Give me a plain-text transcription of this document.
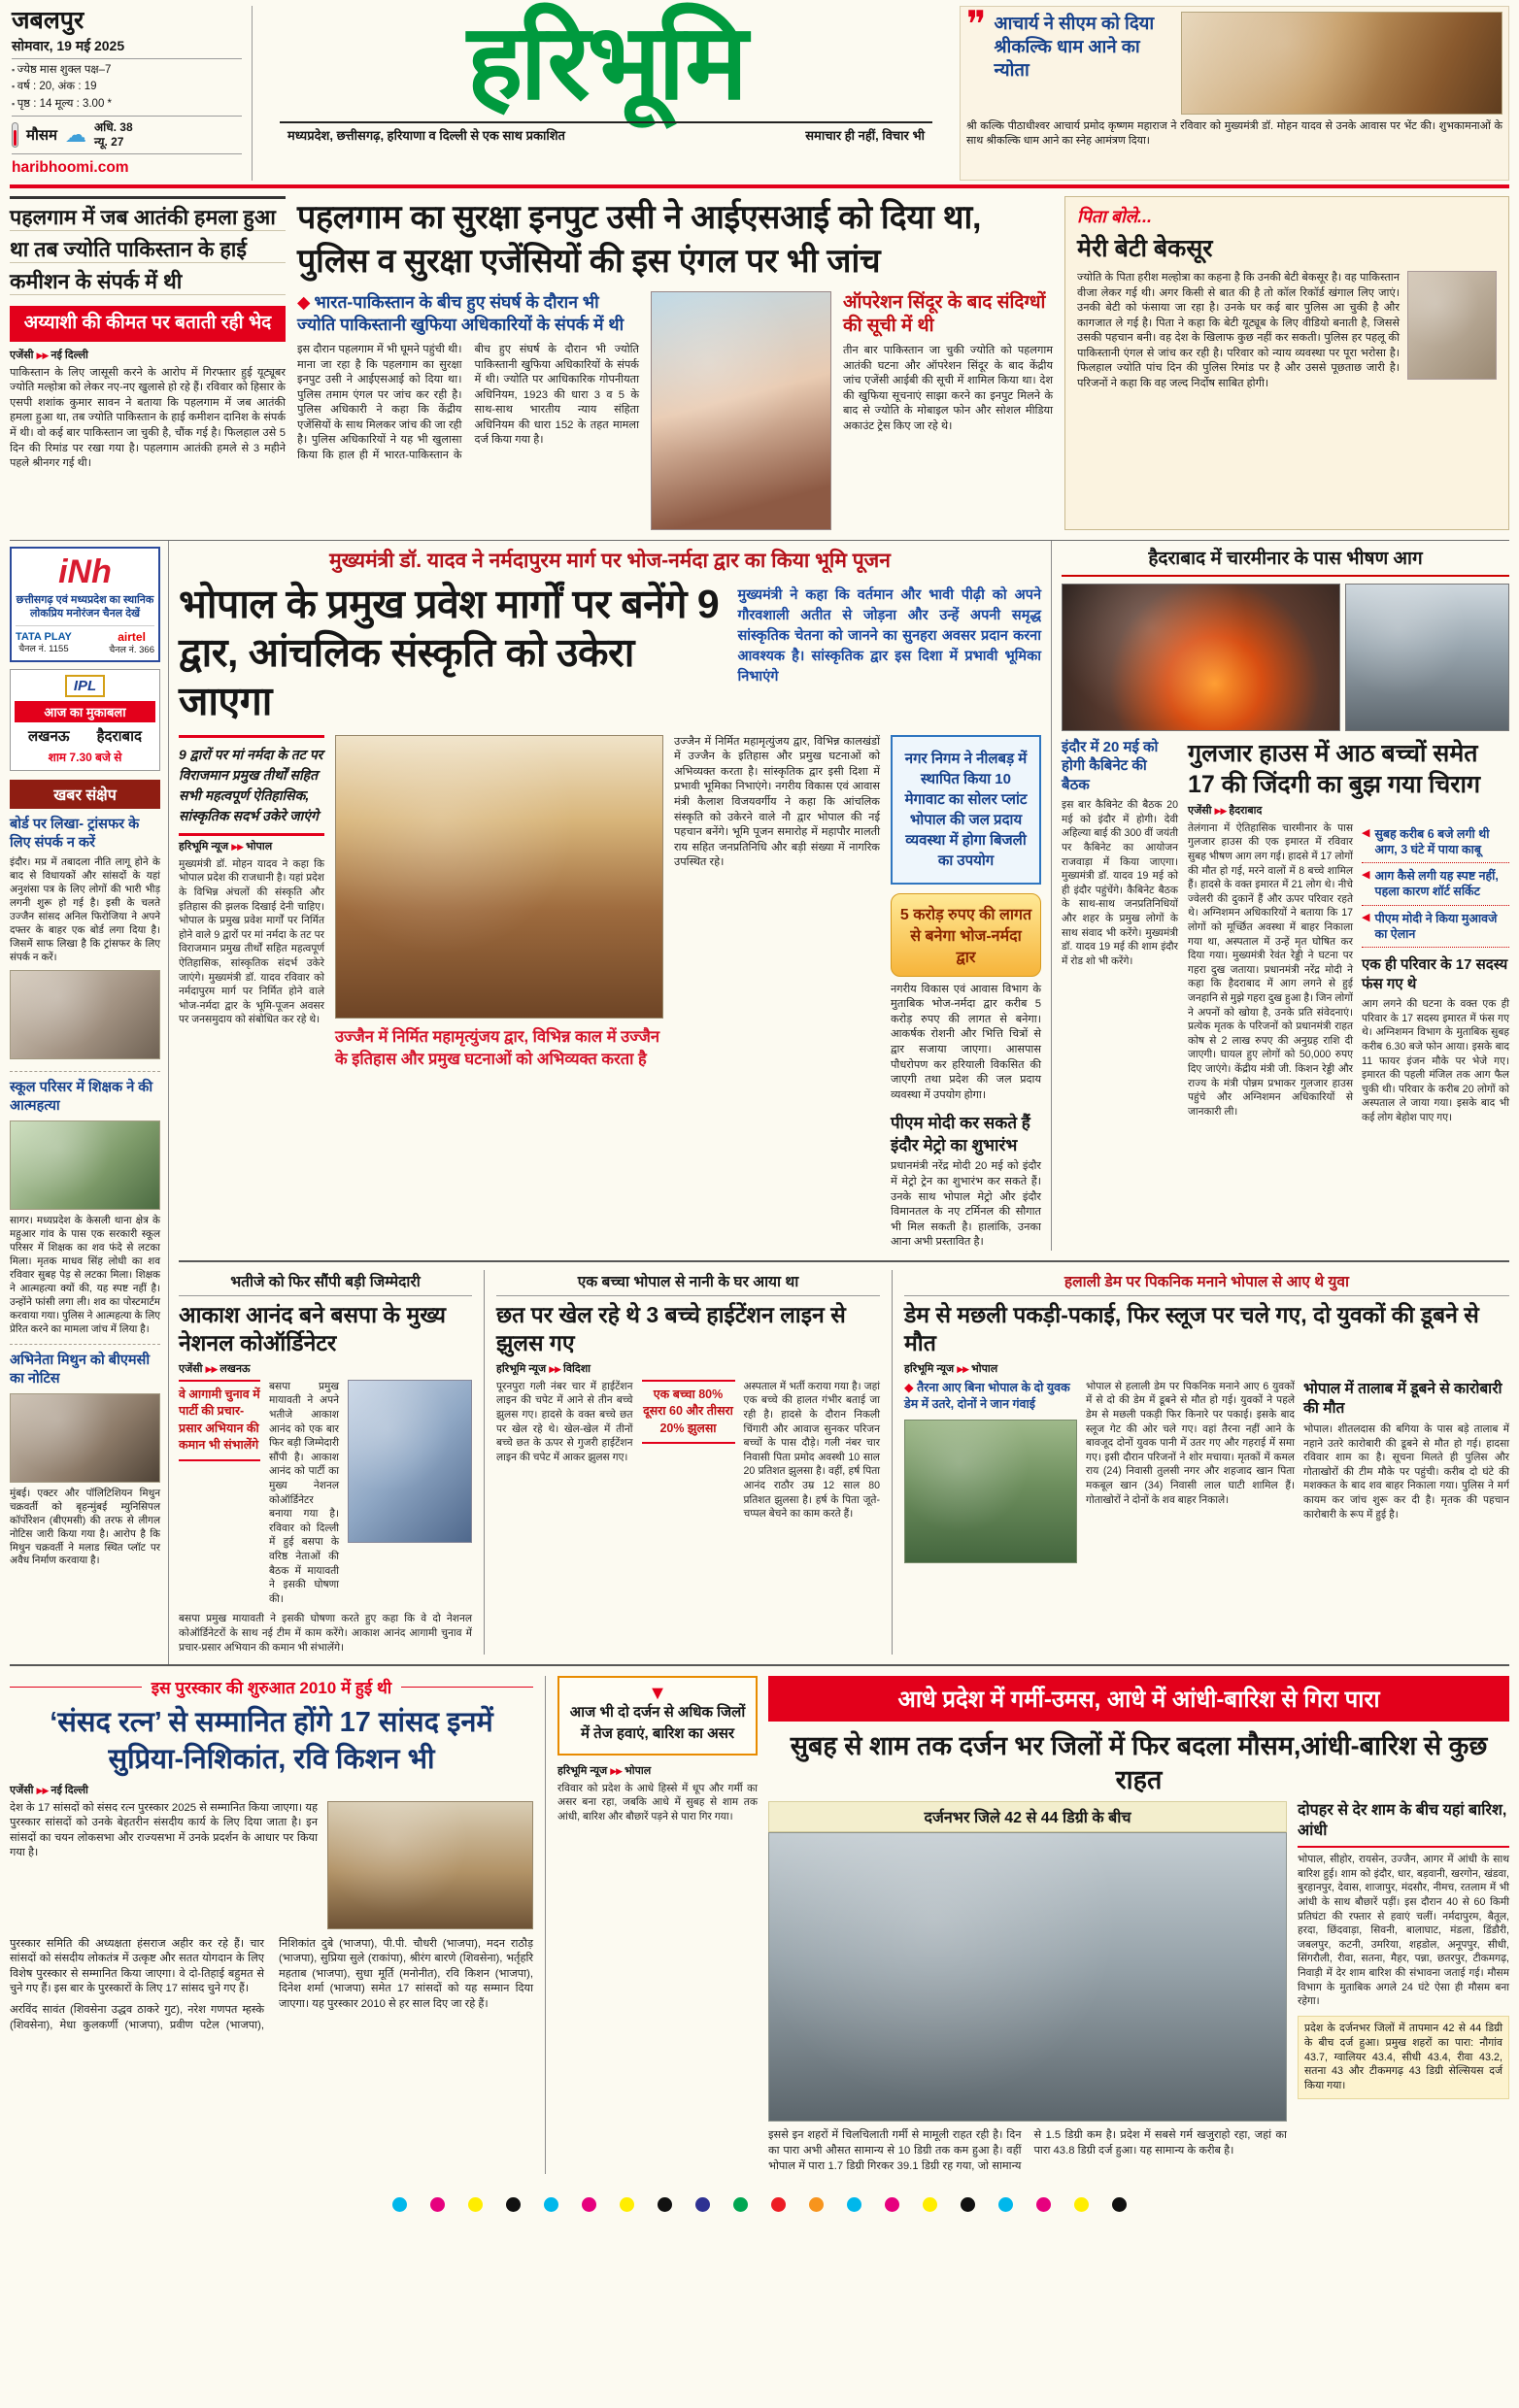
जबलपुर
सोमवार, 19 मई 2025
▪ ज्येष्ठ मास शुक्ल पक्ष–7
▪ वर्ष : 20, अंक : 19
▪ पृष्ठ : 14 मूल्य : 3.00 *
मौसम ☁ अधि. 38
न्यू. 27
haribhoomi.com
हरिभूमि
मध्यप्रदेश, छत्तीसगढ़, हरियाणा व दिल्ली से एक साथ प्रकाशित	समाचार ही नहीं, विचार भी
❞ आचार्य ने सीएम को दिया श्रीकल्कि धाम आने का न्योता
श्री कल्कि पीठाधीश्वर आचार्य प्रमोद कृष्णम महाराज ने रविवार को मुख्यमंत्री डॉ. मोहन यादव से उनके आवास पर भेंट की। शुभकामनाओं के साथ श्रीकल्कि धाम आने का स्नेह आमंत्रण दिया।
पहलगाम में जब आतंकी हमला हुआ था तब ज्योति पाकिस्तान के हाई कमीशन के संपर्क में थी
अय्याशी की कीमत पर बताती रही भेद
एजेंसी ▶▶ नई दिल्ली
पाकिस्तान के लिए जासूसी करने के आरोप में गिरफ्तार हुई यूट्यूबर ज्योति मल्होत्रा को लेकर नए-नए खुलासे हो रहे हैं। रविवार को हिसार के एसपी शशांक कुमार सावन ने बताया कि पहलगाम में जब आतंकी हमला हुआ था, तब ज्योति पाकिस्तान के हाई कमीशन दानिश के संपर्क में थी। वो कई बार पाकिस्तान जा चुकी है, चौंक गई है। फिलहाल उसे 5 दिन की रिमांड पर रखा गया है। पहलगाम आतंकी हमले से 3 महीने पहले श्रीनगर गई थी।
पहलगाम का सुरक्षा इनपुट उसी ने आईएसआई को दिया था, पुलिस व सुरक्षा एजेंसियों की इस एंगल पर भी जांच
◆ भारत-पाकिस्तान के बीच हुए संघर्ष के दौरान भी ज्योति पाकिस्तानी खुफिया अधिकारियों के संपर्क में थी
इस दौरान पहलगाम में भी घूमने पहुंची थी। माना जा रहा है कि पहलगाम का सुरक्षा इनपुट उसी ने आईएसआई को दिया था। पुलिस तमाम एंगल पर जांच कर रही है। पुलिस अधिकारी ने कहा कि केंद्रीय एजेंसियों के साथ मिलकर जांच की जा रही है। पुलिस अधिकारियों ने यह भी खुलासा किया कि हाल ही में भारत-पाकिस्तान के बीच हुए संघर्ष के दौरान भी ज्योति पाकिस्तानी खुफिया अधिकारियों के संपर्क में थी। ज्योति पर आधिकारिक गोपनीयता अधिनियम, 1923 की धारा 3 व 5 के साथ-साथ भारतीय न्याय संहिता अधिनियम की धारा 152 के तहत मामला दर्ज किया गया है।
ऑपरेशन सिंदूर के बाद संदिग्धों की सूची में थी
तीन बार पाकिस्तान जा चुकी ज्योति को पहलगाम आतंकी घटना और ऑपरेशन सिंदूर के बाद केंद्रीय जांच एजेंसी आईबी की सूची में शामिल किया था। देश की खुफिया सूचनाएं साझा करने का इनपुट मिलने के बाद से ज्योति के मोबाइल फोन और सोशल मीडिया अकाउंट ट्रेस किए जा रहे थे।
पिता बोले...
मेरी बेटी बेकसूर
ज्योति के पिता हरीश मल्होत्रा का कहना है कि उनकी बेटी बेकसूर है। वह पाकिस्तान वीजा लेकर गई थी। अगर किसी से बात की है तो कॉल रिकॉर्ड खंगाल लिए जाएं। उनकी बेटी को फंसाया जा रहा है। उनके घर कई बार पुलिस आ चुकी है और कागजात ले गई है। पिता ने कहा कि बेटी यूट्यूब के लिए वीडियो बनाती है, जिससे उसकी पहचान बनी। वह देश के खिलाफ कुछ नहीं कर सकती। पुलिस हर पहलू की पाकिस्तानी एंगल से जांच कर रही है। परिवार को न्याय व्यवस्था पर पूरा भरोसा है। फिलहाल ज्योति पांच दिन की पुलिस रिमांड पर है और उससे पूछताछ जारी है। परिजनों ने कहा कि वह जल्द निर्दोष साबित होगी।
iNh
छत्तीसगढ़ एवं मध्यप्रदेश का स्थानिक लोकप्रिय मनोरंजन चैनल देखें
TATA PLAY
चैनल नं. 1155
airtel
चैनल नं. 366
IPL
आज का मुकाबला
लखनऊ हैदराबाद
शाम 7.30 बजे से
खबर संक्षेप
बोर्ड पर लिखा- ट्रांसफर के लिए संपर्क न करें
इंदौर। मप्र में तबादला नीति लागू होने के बाद से विधायकों और सांसदों के यहां अनुशंसा पत्र के लिए लोगों की भारी भीड़ लगनी शुरू हो गई है। इसी के चलते उज्जैन सांसद अनिल फिरोजिया ने अपने दफ्तर के बाहर एक बोर्ड लगा दिया है। जिसमें साफ लिखा है कि ट्रांसफर के लिए संपर्क न करें।
स्कूल परिसर में शिक्षक ने की आत्महत्या
सागर। मध्यप्रदेश के केसली थाना क्षेत्र के महुआर गांव के पास एक सरकारी स्कूल परिसर में शिक्षक का शव फंदे से लटका मिला। मृतक माधव सिंह लोधी का शव रविवार सुबह पेड़ से लटका मिला। शिक्षक ने आत्महत्या क्यों की, यह स्पष्ट नहीं है। उन्होंने फांसी लगा ली। शव का पोस्टमार्टम करवाया गया। पुलिस ने आत्महत्या के लिए प्रेरित करने का मामला जांच में लिया है।
अभिनेता मिथुन को बीएमसी का नोटिस
मुंबई। एक्टर और पॉलिटिशियन मिथुन चक्रवर्ती को बृहन्मुंबई म्युनिसिपल कॉर्पोरेशन (बीएमसी) की तरफ से लीगल नोटिस जारी किया गया है। आरोप है कि मिथुन चक्रवर्ती ने मलाड स्थित प्लॉट पर अवैध निर्माण करवाया है।
मुख्यमंत्री डॉ. यादव ने नर्मदापुरम मार्ग पर भोज-नर्मदा द्वार का किया भूमि पूजन
भोपाल के प्रमुख प्रवेश मार्गों पर बनेंगे 9 द्वार, आंचलिक संस्कृति को उकेरा जाएगा
मुख्यमंत्री ने कहा कि वर्तमान और भावी पीढ़ी को अपने गौरवशाली अतीत से जोड़ना और उन्हें अपनी समृद्ध सांस्कृतिक चेतना को जानने का सुनहरा अवसर प्रदान करना आवश्यक है। सांस्कृतिक द्वार इस दिशा में प्रभावी भूमिका निभाएंगे
9 द्वारों पर मां नर्मदा के तट पर विराजमान प्रमुख तीर्थों सहित सभी महत्वपूर्ण ऐतिहासिक, सांस्कृतिक सदर्भ उकेरे जाएंगे
हरिभूमि न्यूज ▶▶ भोपाल
मुख्यमंत्री डॉ. मोहन यादव ने कहा कि भोपाल प्रदेश की राजधानी है। यहां प्रदेश के विभिन्न अंचलों की संस्कृति और इतिहास की झलक दिखाई देनी चाहिए। भोपाल के प्रमुख प्रवेश मार्गों पर निर्मित होने वाले 9 द्वारों पर मां नर्मदा के तट पर विराजमान प्रमुख तीर्थों सहित महत्वपूर्ण ऐतिहासिक, सांस्कृतिक संदर्भ उकेरे जाएंगे। मुख्यमंत्री डॉ. यादव रविवार को नर्मदापुरम मार्ग पर निर्मित होने वाले भोज-नर्मदा द्वार के भूमि-पूजन अवसर पर जनसमुदाय को संबोधित कर रहे थे।
उज्जैन में निर्मित महामृत्युंजय द्वार, विभिन्न काल में उज्जैन के इतिहास और प्रमुख घटनाओं को अभिव्यक्त करता है
उज्जैन में निर्मित महामृत्युंजय द्वार, विभिन्न कालखंडों में उज्जैन के इतिहास और प्रमुख घटनाओं को अभिव्यक्त करता है। सांस्कृतिक द्वार इसी दिशा में प्रभावी भूमिका निभाएंगे। नगरीय विकास एवं आवास मंत्री कैलाश विजयवर्गीय ने कहा कि आंचलिक संस्कृति को उकेरने वाले नौ द्वार भोपाल की नई पहचान बनेंगे। भूमि पूजन समारोह में महापौर मालती राय सहित जनप्रतिनिधि और बड़ी संख्या में नागरिक उपस्थित रहे।
नगर निगम ने नीलबड़ में स्थापित किया 10 मेगावाट का सोलर प्लांट भोपाल की जल प्रदाय व्यवस्था में होगा बिजली का उपयोग
5 करोड़ रुपए की लागत से बनेगा भोज-नर्मदा द्वार
नगरीय विकास एवं आवास विभाग के मुताबिक भोज-नर्मदा द्वार करीब 5 करोड़ रुपए की लागत से बनेगा। आकर्षक रोशनी और भित्ति चित्रों से द्वार सजाया जाएगा। आसपास पौधरोपण कर हरियाली विकसित की जाएगी तथा प्रदेश की जल प्रदाय व्यवस्था में उपयोग होगा।
पीएम मोदी कर सकते हैं इंदौर मेट्रो का शुभारंभ
प्रधानमंत्री नरेंद्र मोदी 20 मई को इंदौर में मेट्रो ट्रेन का शुभारंभ कर सकते हैं। उनके साथ भोपाल मेट्रो और इंदौर विमानतल के नए टर्मिनल की सौगात भी मिल सकती है। हालांकि, उनका आना अभी प्रस्तावित है।
हैदराबाद में चारमीनार के पास भीषण आग
इंदौर में 20 मई को होगी कैबिनेट की बैठक
इस बार कैबिनेट की बैठक 20 मई को इंदौर में होगी। देवी अहिल्या बाई की 300 वीं जयंती पर कैबिनेट का आयोजन राजवाड़ा में किया जाएगा। मुख्यमंत्री डॉ. यादव 19 मई को ही इंदौर पहुंचेंगे। कैबिनेट बैठक के साथ-साथ जनप्रतिनिधियों और शहर के प्रमुख लोगों के साथ संवाद भी करेंगे। मुख्यमंत्री डॉ. यादव 19 मई की शाम इंदौर में रोड शो भी करेंगे।
गुलजार हाउस में आठ बच्चों समेत 17 की जिंदगी का बुझ गया चिराग
एजेंसी ▶▶ हैदराबाद
तेलंगाना में ऐतिहासिक चारमीनार के पास गुलजार हाउस की एक इमारत में रविवार सुबह भीषण आग लग गई। हादसे में 17 लोगों की मौत हो गई, मरने वालों में 8 बच्चे शामिल हैं। हादसे के वक्त इमारत में 21 लोग थे। नीचे ज्वेलरी की दुकानें हैं और ऊपर परिवार रहते थे। अग्निशमन अधिकारियों ने बताया कि 17 लोगों को मूर्च्छित अवस्था में बाहर निकाला गया था, अस्पताल में उन्हें मृत घोषित कर दिया गया। मुख्यमंत्री रेवंत रेड्डी ने घटना पर गहरा दुख जताया। प्रधानमंत्री नरेंद्र मोदी ने कहा कि हैदराबाद में आग लगने से हुई जनहानि से मुझे गहरा दुख हुआ है। जिन लोगों ने अपनों को खोया है, उनके प्रति संवेदनाएं। प्रत्येक मृतक के परिजनों को प्रधानमंत्री राहत कोष से 2 लाख रुपए की अनुग्रह राशि दी जाएगी। घायल हुए लोगों को 50,000 रुपए दिए जाएंगे। केंद्रीय मंत्री जी. किशन रेड्डी और राज्य के मंत्री पोन्नम प्रभाकर गुलजार हाउस पहुंचे और अग्निशमन अधिकारियों से जानकारी ली।
◀ सुबह करीब 6 बजे लगी थी आग, 3 घंटे में पाया काबू
◀ आग कैसे लगी यह स्पष्ट नहीं, पहला कारण शॉर्ट सर्किट
◀ पीएम मोदी ने किया मुआवजे का ऐलान
एक ही परिवार के 17 सदस्य फंस गए थे
आग लगने की घटना के वक्त एक ही परिवार के 17 सदस्य इमारत में फंस गए थे। अग्निशमन विभाग के मुताबिक सुबह करीब 6.30 बजे फोन आया। इसके बाद 11 फायर इंजन मौके पर भेजे गए। इमारत की पहली मंजिल तक आग फैल चुकी थी। परिवार के करीब 20 लोगों को अस्पताल ले जाया गया। इसके बाद भी कई लोग बेहोश पाए गए।
भतीजे को फिर सौंपी बड़ी जिम्मेदारी
आकाश आनंद बने बसपा के मुख्य नेशनल कोऑर्डिनेटर
एजेंसी ▶▶ लखनऊ
वे आगामी चुनाव में पार्टी की प्रचार-प्रसार अभियान की कमान भी संभालेंगे
बसपा प्रमुख मायावती ने अपने भतीजे आकाश आनंद को एक बार फिर बड़ी जिम्मेदारी सौंपी है। आकाश आनंद को पार्टी का मुख्य नेशनल कोऑर्डिनेटर बनाया गया है। रविवार को दिल्ली में हुई बसपा के वरिष्ठ नेताओं की बैठक में मायावती ने इसकी घोषणा की।
बसपा प्रमुख मायावती ने इसकी घोषणा करते हुए कहा कि वे दो नेशनल कोऑर्डिनेटरों के साथ नई टीम में काम करेंगे। आकाश आनंद आगामी चुनाव में प्रचार-प्रसार अभियान की कमान भी संभालेंगे।
एक बच्चा भोपाल से नानी के घर आया था
छत पर खेल रहे थे 3 बच्चे हाईटेंशन लाइन से झुलस गए
हरिभूमि न्यूज ▶▶ विदिशा
पूरनपुरा गली नंबर चार में हाईटेंशन लाइन की चपेट में आने से तीन बच्चे झुलस गए। हादसे के वक्त बच्चे छत पर खेल रहे थे। खेल-खेल में तीनों बच्चे छत के ऊपर से गुजरी हाईटेंशन लाइन की चपेट में आकर झुलस गए।
एक बच्चा 80% दूसरा 60 और तीसरा 20% झुलसा
अस्पताल में भर्ती कराया गया है। जहां एक बच्चे की हालत गंभीर बताई जा रही है। हादसे के दौरान निकली चिंगारी और आवाज सुनकर परिजन बच्चों के पास दौड़े। गली नंबर चार निवासी पिता प्रमोद अवस्थी 10 साल 20 प्रतिशत झुलसा है। वहीं, हर्ष पिता आनंद राठौर उम्र 12 साल 80 प्रतिशत झुलसा है। हर्ष के पिता जूते-चप्पल बेचने का काम करते हैं।
हलाली डेम पर पिकनिक मनाने भोपाल से आए थे युवा
डेम से मछली पकड़ी-पकाई, फिर स्लूज पर चले गए, दो युवकों की डूबने से मौत
हरिभूमि न्यूज ▶▶ भोपाल
◆ तैरना आए बिना भोपाल के दो युवक डेम में उतरे, दोनों ने जान गंवाई
भोपाल से हलाली डेम पर पिकनिक मनाने आए 6 युवकों में से दो की डेम में डूबने से मौत हो गई। युवकों ने पहले डेम से मछली पकड़ी फिर किनारे पर पकाई। इसके बाद स्लूज गेट की ओर चले गए। वहां तैरना नहीं आने के बावजूद दोनों युवक पानी में उतर गए और गहराई में समा गए। इसी दौरान परिजनों ने शोर मचाया। मृतकों में कमल राय (24) निवासी तुलसी नगर और शहजाद खान पिता मकबूल खान (34) निवासी लाल घाटी शामिल हैं। गोताखोरों ने दोनों के शव बाहर निकाले।
भोपाल में तालाब में डूबने से कारोबारी की मौत
भोपाल। शीतलदास की बगिया के पास बड़े तालाब में नहाने उतरे कारोबारी की डूबने से मौत हो गई। हादसा रविवार शाम का है। सूचना मिलते ही पुलिस और गोताखोरों की टीम मौके पर पहुंची। करीब दो घंटे की मशक्कत के बाद शव बाहर निकाला गया। पुलिस ने मर्ग कायम कर जांच शुरू कर दी है। मृतक की पहचान कारोबारी के रूप में हुई है।
इस पुरस्कार की शुरुआत 2010 में हुई थी
‘संसद रत्न’ से सम्मानित होंगे 17 सांसद इनमें सुप्रिया-निशिकांत, रवि किशन भी
एजेंसी ▶▶ नई दिल्ली
देश के 17 सांसदों को संसद रत्न पुरस्कार 2025 से सम्मानित किया जाएगा। यह पुरस्कार सांसदों को उनके बेहतरीन संसदीय कार्य के लिए दिया जाता है। इन सांसदों का चयन लोकसभा और राज्यसभा में उनके प्रदर्शन के आधार पर किया गया है।

पुरस्कार समिति की अध्यक्षता हंसराज अहीर कर रहे हैं। चार सांसदों को संसदीय लोकतंत्र में उत्कृष्ट और सतत योगदान के लिए विशेष पुरस्कार से सम्मानित किया जाएगा। वे दो-तिहाई बहुमत से चुने गए हैं। इस बार के पुरस्कारों के लिए 17 सांसद चुने गए हैं।

अरविंद सावंत (शिवसेना उद्धव ठाकरे गुट), नरेश गणपत म्हस्के (शिवसेना), मेधा कुलकर्णी (भाजपा), प्रवीण पटेल (भाजपा), निशिकांत दुबे (भाजपा), पी.पी. चौधरी (भाजपा), मदन राठौड़ (भाजपा), सुप्रिया सुले (राकांपा), श्रीरंग बारणे (शिवसेना), भर्तृहरि महताब (भाजपा), सुधा मूर्ति (मनोनीत), रवि किशन (भाजपा), दिनेश शर्मा (भाजपा) समेत 17 सांसदों को यह सम्मान दिया जाएगा। यह पुरस्कार 2010 से हर साल दिए जा रहे हैं।

▼
आज भी दो दर्जन से अधिक जिलों में तेज हवाएं, बारिश का असर
हरिभूमि न्यूज ▶▶ भोपाल
रविवार को प्रदेश के आधे हिस्से में धूप और गर्मी का असर बना रहा, जबकि आधे में सुबह से शाम तक आंधी, बारिश और बौछारें पड़ने से पारा गिर गया।
आधे प्रदेश में गर्मी-उमस, आधे में आंधी-बारिश से गिरा पारा
सुबह से शाम तक दर्जन भर जिलों में फिर बदला मौसम,आंधी-बारिश से कुछ राहत
दर्जनभर जिले 42 से 44 डिग्री के बीच
इससे इन शहरों में चिलचिलाती गर्मी से मामूली राहत रही है। दिन का पारा अभी औसत सामान्य से 10 डिग्री तक कम हुआ है। वहीं भोपाल में पारा 1.7 डिग्री गिरकर 39.1 डिग्री रह गया, जो सामान्य से 1.5 डिग्री कम है। प्रदेश में सबसे गर्म खजुराहो रहा, जहां का पारा 43.8 डिग्री दर्ज हुआ। यह सामान्य के करीब है।
दोपहर से देर शाम के बीच यहां बारिश, आंधी
भोपाल, सीहोर, रायसेन, उज्जैन, आगर में आंधी के साथ बारिश हुई। शाम को इंदौर, धार, बड़वानी, खरगोन, खंडवा, बुरहानपुर, देवास, शाजापुर, मंदसौर, नीमच, रतलाम में भी आंधी के साथ बौछारें पड़ीं। इस दौरान 40 से 60 किमी प्रतिघंटा की रफ्तार से हवाएं चलीं। नर्मदापुरम, बैतूल, हरदा, छिंदवाड़ा, सिवनी, बालाघाट, मंडला, डिंडौरी, जबलपुर, कटनी, उमरिया, शहडोल, अनूपपुर, सीधी, सिंगरौली, रीवा, सतना, मैहर, पन्ना, छतरपुर, टीकमगढ़, निवाड़ी में देर शाम बारिश की संभावना जताई गई। मौसम विभाग के मुताबिक अगले 24 घंटे ऐसा ही मौसम बना रहेगा।
प्रदेश के दर्जनभर जिलों में तापमान 42 से 44 डिग्री के बीच दर्ज हुआ। प्रमुख शहरों का पारा: नौगांव 43.7, ग्वालियर 43.4, सीधी 43.4, रीवा 43.2, सतना 43 और टीकमगढ़ 43 डिग्री सेल्सियस दर्ज किया गया।
